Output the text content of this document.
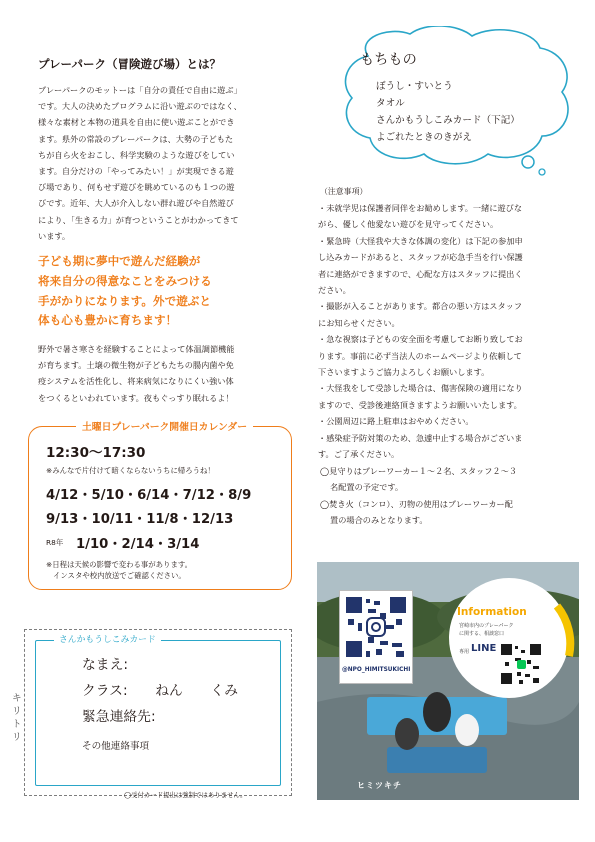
プレーパーク（冒険遊び場）とは？

プレーパークのモットーは「自分の責任で自由に遊ぶ」

です。大人の決めたプログラムに沿い遊ぶのではなく、

様々な素材と本物の道具を自由に使い遊ぶことができ

ます。県外の常設のプレーパークは、大勢の子どもた

ちが自ら火をおこし、科学実験のような遊びをしてい

ます。自分だけの「やってみたい！」が実現できる遊

び場であり、何もせず遊びを眺めているのも１つの遊

びです。近年、大人が介入しない群れ遊びや自然遊び

により、「生きる力」が育つということがわかってきて

います。

子ども期に夢中で遊んだ経験が
将来自分の得意なことをみつける
手がかりになります。外で遊ぶと
体も心も豊かに育ちます！
野外で暑さ寒さを経験することによって体温調節機能
が育ちます。土壌の微生物が子どもたちの腸内菌や免
疫システムを活性化し、将来病気になりにくい強い体
をつくるといわれています。夜もぐっすり眠れるよ！
土曜日プレーパーク開催日カレンダー
12:30〜17:30
※みんなで片付けて暗くならないうちに帰ろうね！
4/12・5/10・6/14・7/12・8/9
9/13・10/11・11/8・12/13
R8年 1/10・2/14・3/14
※日程は天候の影響で変わる事があります。
インスタや校内放送でご確認ください。
さんかもうしこみカード
なまえ:
クラス:　　ねん　　くみ
緊急連絡先:
その他連絡事項
キリトリ
◯受付カード提出は強制ではありません。
もちもの
ぼうし・すいとう
タオル
さんかもうしこみカード（下記）
よごれたときのきがえ
（注意事項）
・未就学児は保護者同伴をお勧めします。一緒に遊びな
がら、優しく他愛ない遊びを見守ってください。
・緊急時（大怪我や大きな体調の変化）は下記の参加申
し込みカードがあると、スタッフが応急手当を行い保護
者に連絡ができますので、心配な方はスタッフに提出く
ださい。
・撮影が入ることがあります。都合の悪い方はスタッフ
にお知らせください。
・急な視察は子どもの安全面を考慮してお断り致してお
ります。事前に必ず当法人のホームページより依頼して
下さいますようご協力よろしくお願いします。
・大怪我をして受診した場合は、傷害保険の適用になり
ますので、受診後連絡頂きますようお願いいたします。
・公園周辺に路上駐車はおやめください。
・感染症予防対策のため、急遽中止する場合がございま
す。ご了承ください。
◯見守りはプレーワーカー１〜２名、スタッフ２〜３
名配置の予定です。
◯焚き火（コンロ）、刃物の使用はプレーワーカー配
置の場合のみとなります。
@NPO_HIMITSUKICHI
Information
宮崎市内のプレーパーク
に関する、相談窓口
専用 LINE
ヒミツキチ
